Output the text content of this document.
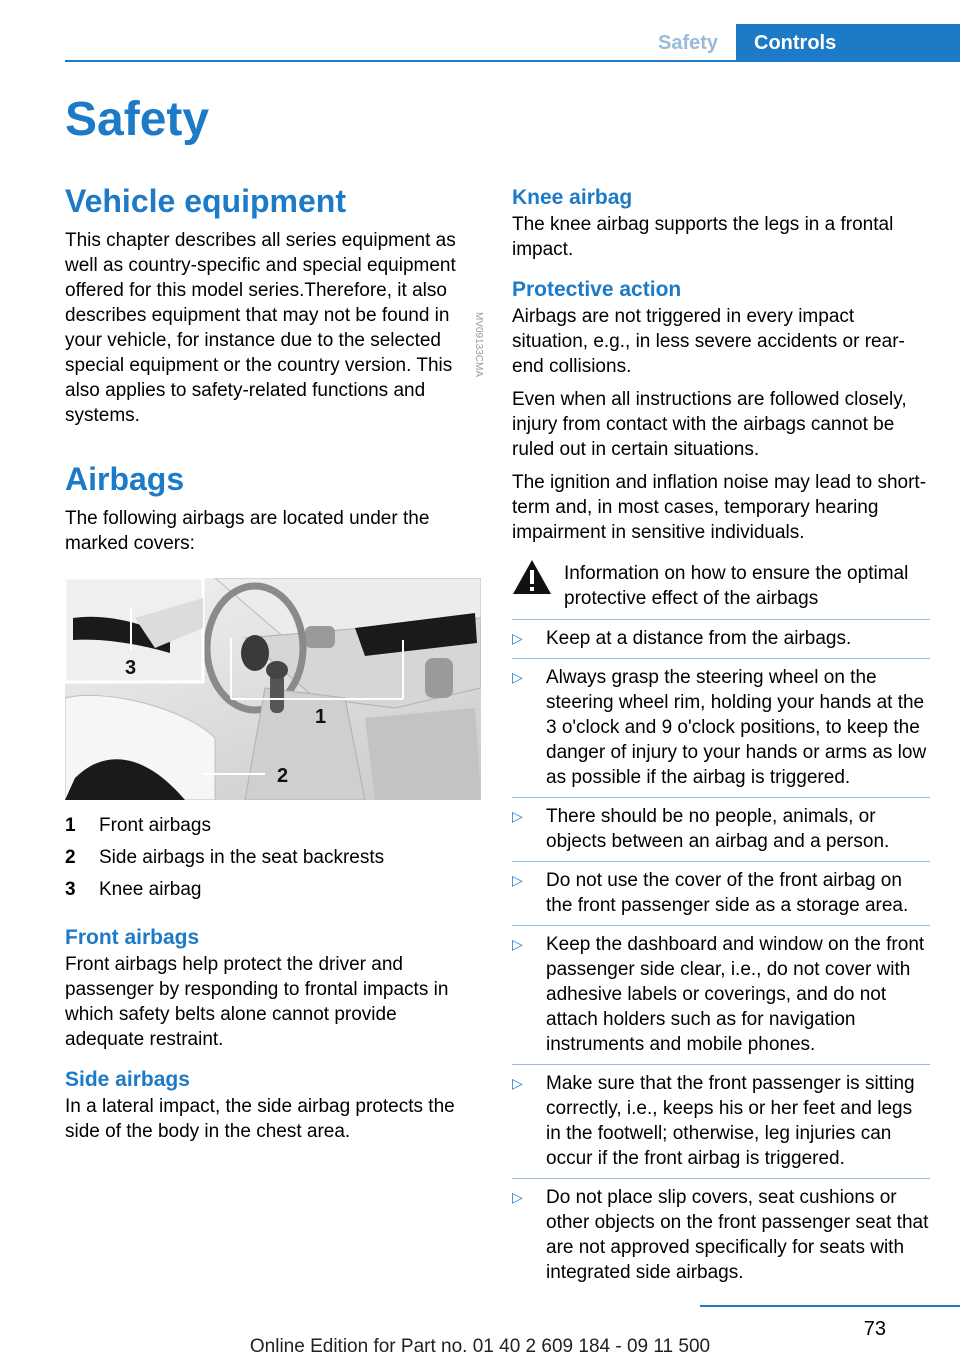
Safety	Controls
Safety
Vehicle equipment

This chapter describes all series equipment as well as country-specific and special equipment offered for this model series.Therefore, it also describes equipment that may not be found in your vehicle, for instance due to the selected special equipment or the country version. This also applies to safety-related functions and systems.

Airbags

The following airbags are located under the marked covers:

3
1
2
MV09133CMA
1	Front airbags
2	Side airbags in the seat backrests
3	Knee airbag
Front airbags

Front airbags help protect the driver and passenger by responding to frontal impacts in which safety belts alone cannot provide adequate restraint.

Side airbags

In a lateral impact, the side airbag protects the side of the body in the chest area.

Knee airbag

The knee airbag supports the legs in a frontal impact.

Protective action

Airbags are not triggered in every impact situation, e.g., in less severe accidents or rear-end collisions.

Even when all instructions are followed closely, injury from contact with the airbags cannot be ruled out in certain situations.

The ignition and inflation noise may lead to short-term and, in most cases, temporary hearing impairment in sensitive individuals.

Information on how to ensure the optimal protective effect of the airbags
▷	Keep at a distance from the airbags.
▷	Always grasp the steering wheel on the steering wheel rim, holding your hands at the 3 o'clock and 9 o'clock positions, to keep the danger of injury to your hands or arms as low as possible if the airbag is triggered.
▷	There should be no people, animals, or objects between an airbag and a person.
▷	Do not use the cover of the front airbag on the front passenger side as a storage area.
▷	Keep the dashboard and window on the front passenger side clear, i.e., do not cover with adhesive labels or coverings, and do not attach holders such as for navigation instruments and mobile phones.
▷	Make sure that the front passenger is sitting correctly, i.e., keeps his or her feet and legs in the footwell; otherwise, leg injuries can occur if the front airbag is triggered.
▷	Do not place slip covers, seat cushions or other objects on the front passenger seat that are not approved specifically for seats with integrated side airbags.
73
Online Edition for Part no. 01 40 2 609 184 - 09 11 500
